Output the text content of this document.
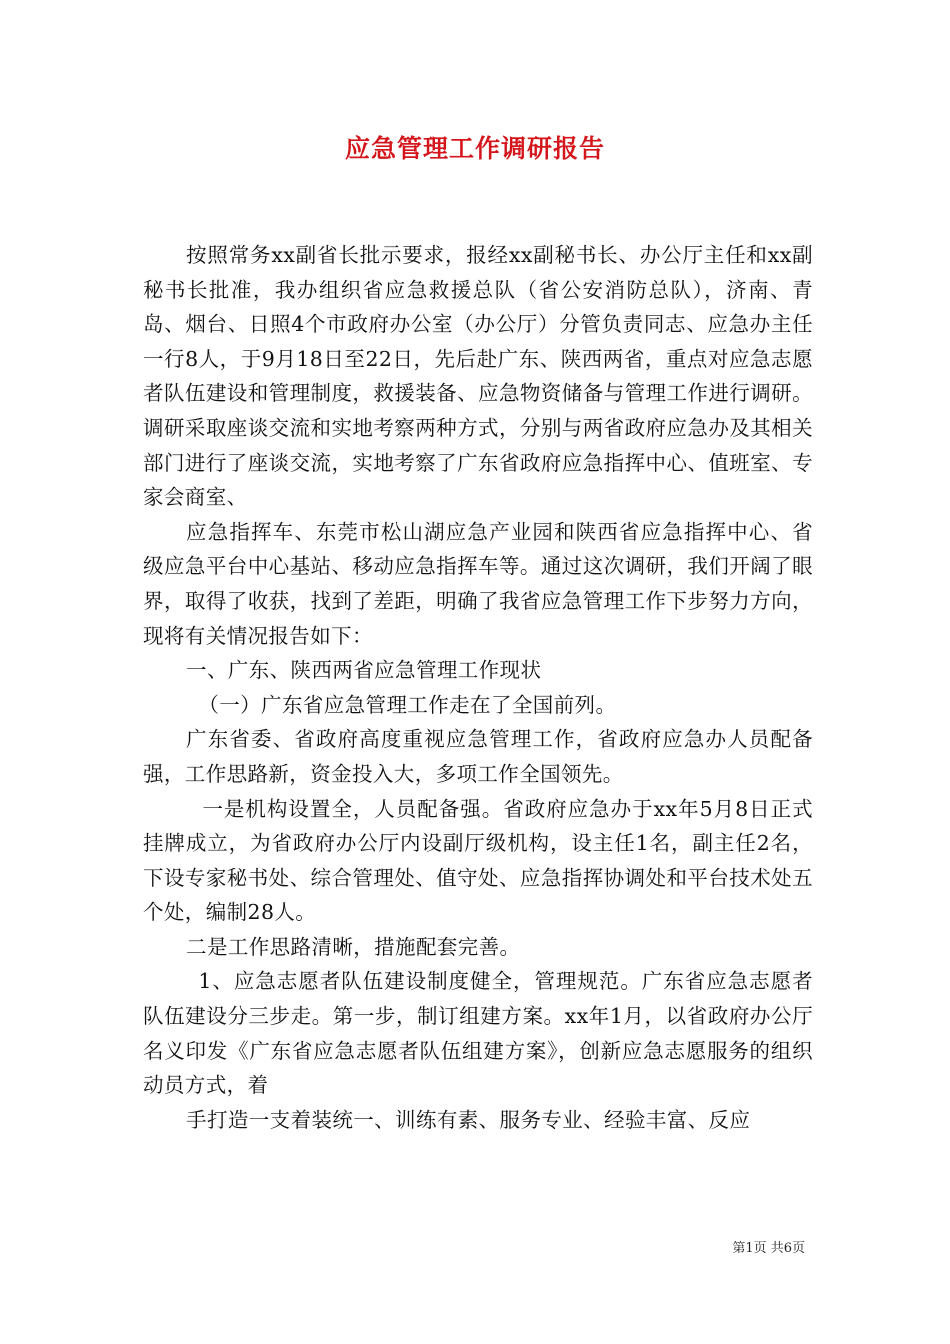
应急管理工作调研报告

按照常务xx副省长批示要求，报经xx副秘书长、办公厅主任和xx副秘书长批准，我办组织省应急救援总队（省公安消防总队），济南、青岛、烟台、日照4个市政府办公室（办公厅）分管负责同志、应急办主任一行8人，于9月18日至22日，先后赴广东、陕西两省，重点对应急志愿者队伍建设和管理制度，救援装备、应急物资储备与管理工作进行调研。调研采取座谈交流和实地考察两种方式，分别与两省政府应急办及其相关部门进行了座谈交流，实地考察了广东省政府应急指挥中心、值班室、专家会商室、

应急指挥车、东莞市松山湖应急产业园和陕西省应急指挥中心、省级应急平台中心基站、移动应急指挥车等。通过这次调研，我们开阔了眼界，取得了收获，找到了差距，明确了我省应急管理工作下步努力方向，现将有关情况报告如下：

一、广东、陕西两省应急管理工作现状

（一）广东省应急管理工作走在了全国前列。

广东省委、省政府高度重视应急管理工作，省政府应急办人员配备强，工作思路新，资金投入大，多项工作全国领先。

一是机构设置全，人员配备强。省政府应急办于xx年5月8日正式挂牌成立，为省政府办公厅内设副厅级机构，设主任1名，副主任2名，下设专家秘书处、综合管理处、值守处、应急指挥协调处和平台技术处五个处，编制28人。

二是工作思路清晰，措施配套完善。

1、应急志愿者队伍建设制度健全，管理规范。广东省应急志愿者队伍建设分三步走。第一步，制订组建方案。xx年1月，以省政府办公厅名义印发《广东省应急志愿者队伍组建方案》，创新应急志愿服务的组织动员方式，着

手打造一支着装统一、训练有素、服务专业、经验丰富、反应

第1页 共6页
